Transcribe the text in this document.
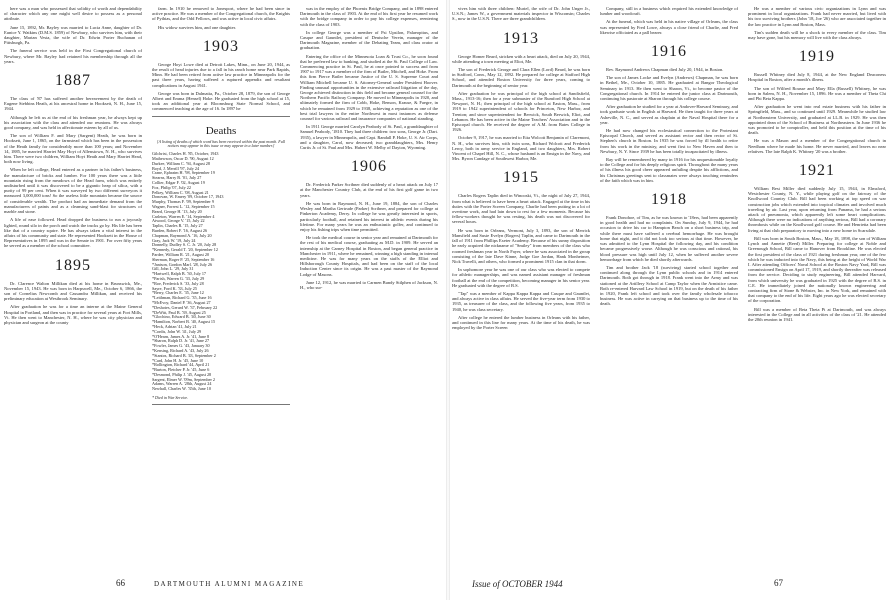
here was a man who possessed that solidity of worth and dependability of character which any one might well desire to possess as a personal attribute.

June 15, 1892, Mr. Bayley was married to Lucia Anne, daughter of Dr. Eunice Y. Watkins (D.M.S. 1859) of Newbury, who survives him, with their daughter, Marian Vesta, the wife of Dr. Edwin Porter Buchanan of Pittsburgh, Pa.

The funeral service was held in the First Congregational church of Newbury, where Mr. Bayley had retained his membership through all the years.

1887

The class of '87 has suffered another bereavement by the death of Eugene Stebbins Heath, at his ancestral home in Hooksett, N. H., June 15, 1944.

Although he left us at the end of his freshman year, he always kept up his association with the class and attended our reunions. He was always good company, and was held in affectionate esteem by all of us.

The son of William F. and Mary (Sargent) Heath, he was born in Hooksett, June 1, 1865, on the farmstead which has been in the possession of the Heath family for considerably more than 100 years; and November 14, 1885, he married Harriet May Hoyt of Allenstown, N. H., who survives him. There were two children, William Hoyt Heath and Mary Harriet Head, both now living.

When he left college, Head entered as a partner in his father's business, the manufacture of bricks and lumber. For 100 years there was a little mountain rising from the meadows of the Head farm, which was entirely undisturbed until it was discovered to be a gigantic heap of silica, with a purity of 99 per cent. When it was surveyed by two different surveyors it measured 3,000,000 tons! So the useless little mountain became the source of considerable wealth. The product had an immediate demand from the manufacturers of paints and as a cleansing sand-blast for structures of marble and stone.

A life of ease followed. Head dropped the business to run a joyously lighted, round silo in the porch and watch the trucks go by. His life has been like that of a country squire. He has always taken a vital interest in the affairs of his community and state. He represented Hooksett in the House of Representatives in 1895 and was in the Senate in 1901. For over fifty years he served as a member of the school committee.

1895

Dr. Clarence Walton Millikan died at his home in Brunswick, Me., November 15, 1943. He was born in Harpswell, Me., October 6, 1866, the son of Cornelius Newcomb and Cassandra Millikan, and received his preliminary education at Westbrook Seminary.

After graduation he was for a time an interne at the Maine General Hospital in Portland, and then was in practice for several years at Fort Mills, Vt. He then went to Manchester, N. H., where he was city physician and physician and surgeon at the county

farm. In 1910 he removed to Jonesport, where he had been since in active practice. He was a member of the Congregational church, the Knights of Pythias, and the Odd Fellows, and was active in local civic affairs.

His widow survives him, and one daughter.

1903

George Hoyt Lowe died at Detroit Lakes, Minn., on June 20, 1944, as the result of head injuries due to a fall in his ranch home near Park Rapids, Minn. He had been retired from active law practice in Minneapolis for the past three years, having suffered a ruptured appendix and resultant complications in August 1941.

George was born in Dalmatia, Pa., October 28, 1879, the son of George Albert and Emma (Hensel) Hoke. He graduated from the high school at 15, took an additional year at Bloomsburg State Normal School, and commenced teaching at the age of 16. In 1897 he

Deaths
[A listing of deaths of which word has been received within the past month. Full notices may appear in this issue or may appear in a later number.]
Gilchrist, Charles H. '85, October, 1943
Mathewson, Oscar D. '90, August 12
Durkee, William C. '94, August 28
Boyd, J. Merrill '97, July 24
Crane, Ephraim H. '98, September 19
Stearns, Harry B. '01, July 27
Collier, Edgar F. '02, August 19
Fox, Philip '07, July 22
Pelkey, William C. '08, August 21
Donovan, W. Emery '09, October 17, 1943
Murphy, Thomas F. '09, September 9
Wagner, Forrest L. '12, September 15
Beard, George H. '13, July 20
Carleton, Warren E. '14, September 4
Atwood, George V. '15, July 22
Taplin, Charles R. '15, July 27
Burden, Robert F. '16, August 26
Chapman, Raymond A. '16, July 20
Gray, Jack W. '19, July 24
Donnelly, Dudley S. C. Jr. '20, July 28
*Kennedy, Gerald T. '20, September 12
Pardee, William R. '21, August 20
Sherman, Roger P. '25, September 16
*Janison, Gordon Marl. '28, July 26
Gill, John L. '29, July 31
*Hartwell, Ralph B. '30, July 17
*Parish, Warren G. '33, July 29
*Roe, Frederick S. '33, July 28
Sayre, Ford K. '33, July 25
*Berry, Charles E. '35, June 12
*Leithman, Richard G. '35, June 16
*McEvoy, Daniel P. '36, August 27
*Deshotes, Gerard W. '37, February 22
*DeWitt, Paul B. '39, August 25
*Glochino, Edward B. '40, June 30
*Hamilton, Norbert B. '40, August 15
*Heck, Adrian '41, July 21
*Cordis, John W. '41, July 29
*O'Hearn, James A. Jr. '41, June 8
*Sharon, Ralph D. Jr. '41, June 27
*Fowler, James G. '43, January 30
*Kensing, Richard A. '43, July 26
*Stantos, Richard B. '43, September 2
*Card, John H. Jr. '45, June 10
*Rollington, Richard '44, April 21
*Burton, Fletcher P. Jr. '45, June 6
*Desmond, Philip J. '45, August 28
Sargent, Elmer W. '09m, September 2
Adams, Warren A. '28th, August 24
Newhall, Charles W. '35th, June 10
* Died in War Service.

was in the employ of the Phoenix Bridge Company, and in 1898 entered Dartmouth in the class of 1903. At the end of his first year he resumed work with the bridge company in order to pay his college expenses, reentering with the class of 1903.

In college George was a member of Psi Upsilon, Palaeopitus, and Casque and Gauntlet, president of Deutsche Verein, manager of the Dartmouth Magazine, member of the Debating Team, and class orator at graduation.

Entering the office of the Minnesota Loan & Trust Co., he soon found that he preferred law to banking, and studied at the St. Paul College of Law. Commencing practice in St. Paul, he at once pointed to success and from 1907 to 1917 was a member of the firm of Butler, Mitchell, and Hoke. From this firm Pierce Butler became Justice of the U. S. Supreme Court and William Mitchell became U. S. Attorney-General under President Hoover. Finding unusual opportunities in the extensive railroad litigation of the day, George achieved distinction in this field and became general counsel for the Northern Pacific Railway Company. He moved to Minneapolis in 1920, and ultimately formed the firm of Cobb, Hoke, Benson, Krause, & Faegre, in which he remained from 1929 to 1938, achieving a reputation as one of the best trial lawyers in the entire Northwest in most instances as defense counsel for various railroad and insurance companies of national standing.

In 1911 George married Carolyn Peabody of St. Paul, a granddaughter of Samuel Peabody, '1810. They had three children: two sons, George Jr. (Dart. 1935), a lawyer in Minneapolis, and Capt. Randall P. Hoke, U. S. Air Corps, and a daughter, Carol, now deceased; two granddaughters, Mrs. Henry Curtis Jr. of St. Paul and Mrs. Hubert W. Melby of Dayton, Wyoming.

1906

Dr. Frederick Parker Scribner died suddenly of a heart attack on July 17 at the Manchester Country Club, at the end of his first golf game in two years.

He was born in Raymond, N. H., June 19, 1884, the son of Charles Wesley and Martha Gertrude (Parker) Scribner, and prepared for college at Pinkerton Academy, Derry. In college he was greatly interested in sports, particularly football, and retained his interest in athletic events during his lifetime. For many years he was an enthusiastic golfer, and continued to enjoy his fishing trips when time permitted.

He took the medical course in senior year and remained at Dartmouth for the rest of his medical course, graduating as M.D. in 1909. He served an internship at the Carney Hospital in Boston, and began general practice in Manchester in 1911, where he remained, winning a high standing in internal medicine. He was for many years on the staffs of the Elliot and Hillsborough County Hospitals, and had been on the staff of the local Induction Center since its origin. He was a past master of the Raymond Lodge of Masons.

June 12, 1912, he was married to Carmen Bundy Stilphen of Jackson, N. H., who sur-

66	DARTMOUTH ALUMNI MAGAZINE

vives him with three children: Muriel, the wife of Dr. John Unger Jr., U.S.N.; James W., a government materials inspector in Wisconsin; Charles S., now in the U.S.N. There are three grandchildren.

1913

George Homer Beard, stricken with a heart attack, died on July 20, 1944, while attending a town meeting at Eliot, Me.

The son of Frederick George and Clara Ellen (Lord) Beard, he was born in Stafford, Conn., May 12, 1892. He prepared for college at Stafford High School, and attended Boston University for three years, coming to Dartmouth at the beginning of senior year.

After graduation he was principal of the high school at Sandisfield, Mass., 1913-16; then for a year submaster of the Rumford High School at Newport, N. H.; then principal of the high school at Easton, Mass., from 1919 to 1942 superintendent of schools for Princeton, New Harbor, and Trenton; and since superintendent for Berwick, South Berwick, Eliot, and Lebanon. He has been active in the Maine Teachers' Association and in the Episcopal church. He received the degree of A.M. from Bates College in 1926.

October 9, 1917, he was married to Etta Wolcott Benjamin of Claremont, N. H., who survives him, with twin sons, Richard Wolcott and Frederick Leroy, both in army service in England, and two daughters, Mrs. Robert Vincent of Chapel Hill, N. C., whose husband is an Ensign in the Navy, and Mrs. Byron Candage of Southwest Harbor, Me.

1915

Charles Rogers Taplin died in Winooski, Vt., the night of July 27, 1944, from what is believed to have been a heart attack. Engaged at the time in his duties with the Porter Screen Company, Charlie had been putting in a lot of overtime work, and had lain down to rest for a few moments. Because his fellow-workers thought he was resting, his death was not discovered for several hours.

He was born in Orleans, Vermont, July 3, 1893, the son of Merrick Mansfield and Susie Evelyn (Rogers) Taplin, and came to Dartmouth in the fall of 1911 from Phillips Exeter Academy. Because of his sunny disposition he early acquired the nickname of "Smiley" from members of the class who roomed freshman year in North Fayer, where he was associated in the group consisting of the late Dave Kinne, Judge Goe Jordan, Hank Monheimer, Nick Travelli, and others, who formed a prominent 1915 clan in that dorm.

In sophomore year he was one of our class who was elected to compete for athletic managerships, and was named assistant manager of freshman football at the end of the competition, becoming manager in his senior year. He graduated with the degree of B.S.

"Tap" was a member of Kappa Kappa Kappa and Casque and Gauntlet, and always active in class affairs. He served the five-year term from 1930 to 1935, as treasurer of the class, and the following five years, from 1935 to 1940, he was class secretary.

After college he entered the lumber business in Orleans with his father, and continued in this line for many years. At the time of his death, he was employed by the Porter Screen

Company, still in a business which required his extended knowledge of lumber and woodcraft.

At the funeral, which was held in his native village of Orleans, the class was represented by Fred Lowe, always a close friend of Charlie, and Fred likewise officiated as a pall bearer.

1916

Rev. Raymond Andrews Chapman died July 20, 1944, in Boston.

The son of James Locke and Evelyn (Andrews) Chapman, he was born in Bethel, Me., October 10, 1885. He graduated at Bangor Theological Seminary in 1913. He then went to Sharon, Vt., to become pastor of the Congregational church. In 1914 he entered the junior class at Dartmouth, continuing his pastorate at Sharon through his college course.

After graduation he studied for a year at Andover-Harvard Seminary, and took graduate work in English at Harvard. He then taught for three years at Asheville, N. C., and served as chaplain at the Naval Hospital there for a year.

He had now changed his ecclesiastical connection to the Protestant Episcopal Church, and served as assistant rector and then rector of St. Stephen's church in Boston. In 1935 he was forced by ill health to retire from his work in the ministry, and went first to New Haven and then to Newbury, N. Y. Since 1939 he has been totally incapacitated by illness.

Ray will be remembered by many in 1916 for his unquestionable loyalty to the College and for his deeply religious spirit. Throughout the many years of his illness his good cheer appeared unfailing despite his afflictions, and his Christmas greetings sent to classmates were always touching reminders of the faith which was in him.

1918

Frank Donohoe, of Tim, as he was known to '18ers, had been apparently in good health and had no complaints. On Sunday, July 9, 1944, he had occasion to drive his car to Hampton Beach on a short business trip, and while there must have suffered a cerebral hemorrhage. He was brought home that night, and it did not look too serious at that time. However, he was admitted to the Lynn Hospital the following day, and his condition became progressively worse. Although he was conscious and rational, his blood pressure was high until July 12, when he suffered another severe hemorrhage from which he died shortly afterwards.

Tim and brother Jack '18 (surviving) started school together and continued along through the Lynn public schools and in 1914 entered Dartmouth. Both got through in 1918. Frank went into the Army and was stationed at the Artillery School at Camp Taylor when the Armistice came. Both re-entered Harvard Law School in 1919, but on the death of his father in 1920, Frank left school and took over the family wholesale tobacco business. He was active in carrying on that business up to the time of his death.

He was a member of various civic organizations in Lynn and was prominent in local organizations. Frank had never married, but lived with his two surviving brothers (John '18, Joe '26) who are associated together in the law practice in Lynn and Boston, Mass.

Tim's sudden death will be a shock to every member of the class. Tim may have gone, but his memory will live with the class always.

1919

Russell Whitney died July 8, 1944, at the New England Deaconess Hospital in Boston, after a month's illness.

The son of Wilfred Rousse and Mary Ella (Russell) Whitney, he was born in Salem, N. H., November 15, 1896. He was a member of Theta Chi and Phi Beta Kappa.

After graduation he went into real estate business with his father in Springfield, Mass., and so continued until 1929. Meanwhile he studied law at Northeastern University, and graduated at LL.B. in 1929. He was then appointed dean of the School of Business at Northeastern. In June 1936 he was promoted to be comptroller, and held this position at the time of his death.

He was a Mason and a member of the Congregational church in Needham where he made his home. He never married, and leaves no near relatives. The late Ralph K. Whitney '20 was a brother.

1921

William Best Miller died suddenly July 15, 1944, in Elmsford, Westchester County, N. Y., while playing golf on the fairway of the Knollwood Country Club. Bill had been working at top speed on war construction jobs which extended into tropical climates and involved much traveling by air. Last year, upon returning from Panama, he had a serious attack of pneumonia, which apparently left some heart complications. Although there were no indications of anything serious, Bill had a coronary thrombosis while on the Knollwood golf course. He and Henrietta had been living at that club preparatory to moving into a new home in Scarsdale.

Bill was born in South Boston, Mass., May 18, 1898, the son of William Lynch and Annette (Reed) Miller. Preparing for college at Noble and Greenough School, Bill came to Hanover from Brookline. He was elected the first president of the class of 1921 during freshman year, one of the few which he was inducted into the Navy, this being at the height of World War I. After attending Officers' Naval School at the Boston Navy Yard, Bill was commissioned Ensign on April 17, 1919, and shortly thereafter was released from the service. Deciding to study engineering, Bill attended Harvard, from which university he was graduated in 1925 with the degree of B.S. in C.E. He immediately joined the nationally known engineering and contracting firm of Stone & Webster, Inc. in New York, and remained with that company to the end of his life. Eight years ago he was elected secretary of the corporation.

Bill was a member of Beta Theta Pi at Dartmouth, and was always interested in the College and in all activities of the class of '21. He attended the 20th reunion in 1941.

Issue of OCTOBER 1944	67
